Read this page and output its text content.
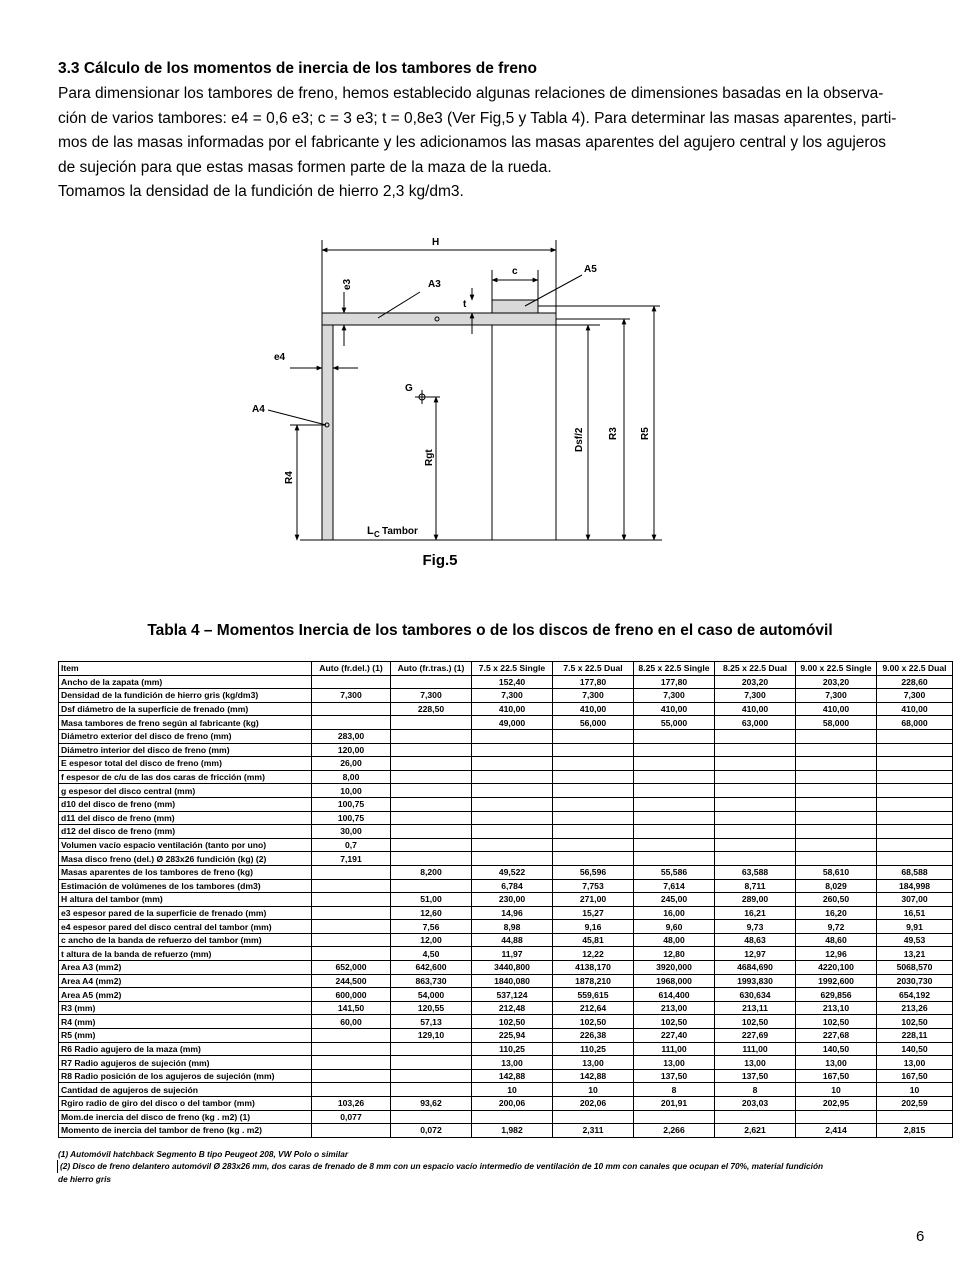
3.3 Cálculo de los momentos de inercia de los tambores de freno
Para dimensionar los tambores de freno, hemos establecido algunas relaciones de dimensiones basadas en la observa-
ción de varios tambores: e4 = 0,6 e3; c = 3 e3; t = 0,8e3 (Ver Fig,5 y Tabla 4). Para determinar las masas aparentes, parti-
mos de las masas informadas por el fabricante y les adicionamos las masas aparentes del agujero central y los agujeros
de sujeción para que estas masas formen parte de la maza de la rueda.
Tomamos la densidad de la fundición de hierro 2,3 kg/dm3.
H
e3	A3
c
t
A5
e4
A4
G
R4
Rgt
Dsf/2 R3 R5
L C Tambor
Fig.5
Tabla 4 – Momentos Inercia de los tambores o de los discos de freno en el caso de automóvil
Item	Auto (fr.del.) (1)	Auto (fr.tras.) (1)	7.5 x 22.5 Single	7.5 x 22.5 Dual	8.25 x 22.5 Single	8.25 x 22.5 Dual	9.00 x 22.5 Single	9.00 x 22.5 Dual
Ancho de la zapata (mm)			152,40	177,80	177,80	203,20	203,20	228,60
Densidad de la fundición de hierro gris (kg/dm3)	7,300	7,300	7,300	7,300	7,300	7,300	7,300	7,300
Dsf diámetro de la superficie de frenado (mm)		228,50	410,00	410,00	410,00	410,00	410,00	410,00
Masa tambores de freno según al fabricante (kg)			49,000	56,000	55,000	63,000	58,000	68,000
Diámetro exterior del disco de freno (mm)	283,00							
Diámetro interior del disco de freno (mm)	120,00							
E espesor total del disco de freno (mm)	26,00							
f espesor de c/u de las dos caras de fricción (mm)	8,00							
g espesor del disco central (mm)	10,00							
d10 del disco de freno (mm)	100,75							
d11 del disco de freno (mm)	100,75							
d12 del disco de freno (mm)	30,00							
Volumen vacío espacio ventilación (tanto por uno)	0,7							
Masa disco freno (del.) Ø 283x26 fundición (kg) (2)	7,191							
Masas aparentes de los tambores de freno (kg)		8,200	49,522	56,596	55,586	63,588	58,610	68,588
Estimación de volúmenes de los tambores (dm3)			6,784	7,753	7,614	8,711	8,029	184,998
H altura del tambor (mm)		51,00	230,00	271,00	245,00	289,00	260,50	307,00
e3 espesor pared de la superficie de frenado (mm)		12,60	14,96	15,27	16,00	16,21	16,20	16,51
e4 espesor pared del disco central del tambor (mm)		7,56	8,98	9,16	9,60	9,73	9,72	9,91
c ancho de la banda de refuerzo del tambor (mm)		12,00	44,88	45,81	48,00	48,63	48,60	49,53
t altura de la banda de refuerzo (mm)		4,50	11,97	12,22	12,80	12,97	12,96	13,21
Area A3 (mm2)	652,000	642,600	3440,800	4138,170	3920,000	4684,690	4220,100	5068,570
Area A4 (mm2)	244,500	863,730	1840,080	1878,210	1968,000	1993,830	1992,600	2030,730
Area A5 (mm2)	600,000	54,000	537,124	559,615	614,400	630,634	629,856	654,192
R3 (mm)	141,50	120,55	212,48	212,64	213,00	213,11	213,10	213,26
R4 (mm)	60,00	57,13	102,50	102,50	102,50	102,50	102,50	102,50
R5 (mm)		129,10	225,94	226,38	227,40	227,69	227,68	228,11
R6 Radio agujero de la maza (mm)			110,25	110,25	111,00	111,00	140,50	140,50
R7 Radio agujeros de sujeción (mm)			13,00	13,00	13,00	13,00	13,00	13,00
R8 Radio posición de los agujeros de sujeción (mm)			142,88	142,88	137,50	137,50	167,50	167,50
Cantidad de agujeros de sujeción			10	10	8	8	10	10
Rgiro radio de giro del disco o del tambor (mm)	103,26	93,62	200,06	202,06	201,91	203,03	202,95	202,59
Mom.de inercia del disco de freno (kg . m2) (1)	0,077							
Momento de inercia del tambor de freno (kg . m2)		0,072	1,982	2,311	2,266	2,621	2,414	2,815
(1) Automóvil hatchback Segmento B tipo Peugeot 208, VW Polo o similar
(2) Disco de freno delantero automóvil Ø 283x26 mm, dos caras de frenado de 8 mm con un espacio vacío intermedio de ventilación de 10 mm con canales que ocupan el 70%, material fundición
de hierro gris
6
